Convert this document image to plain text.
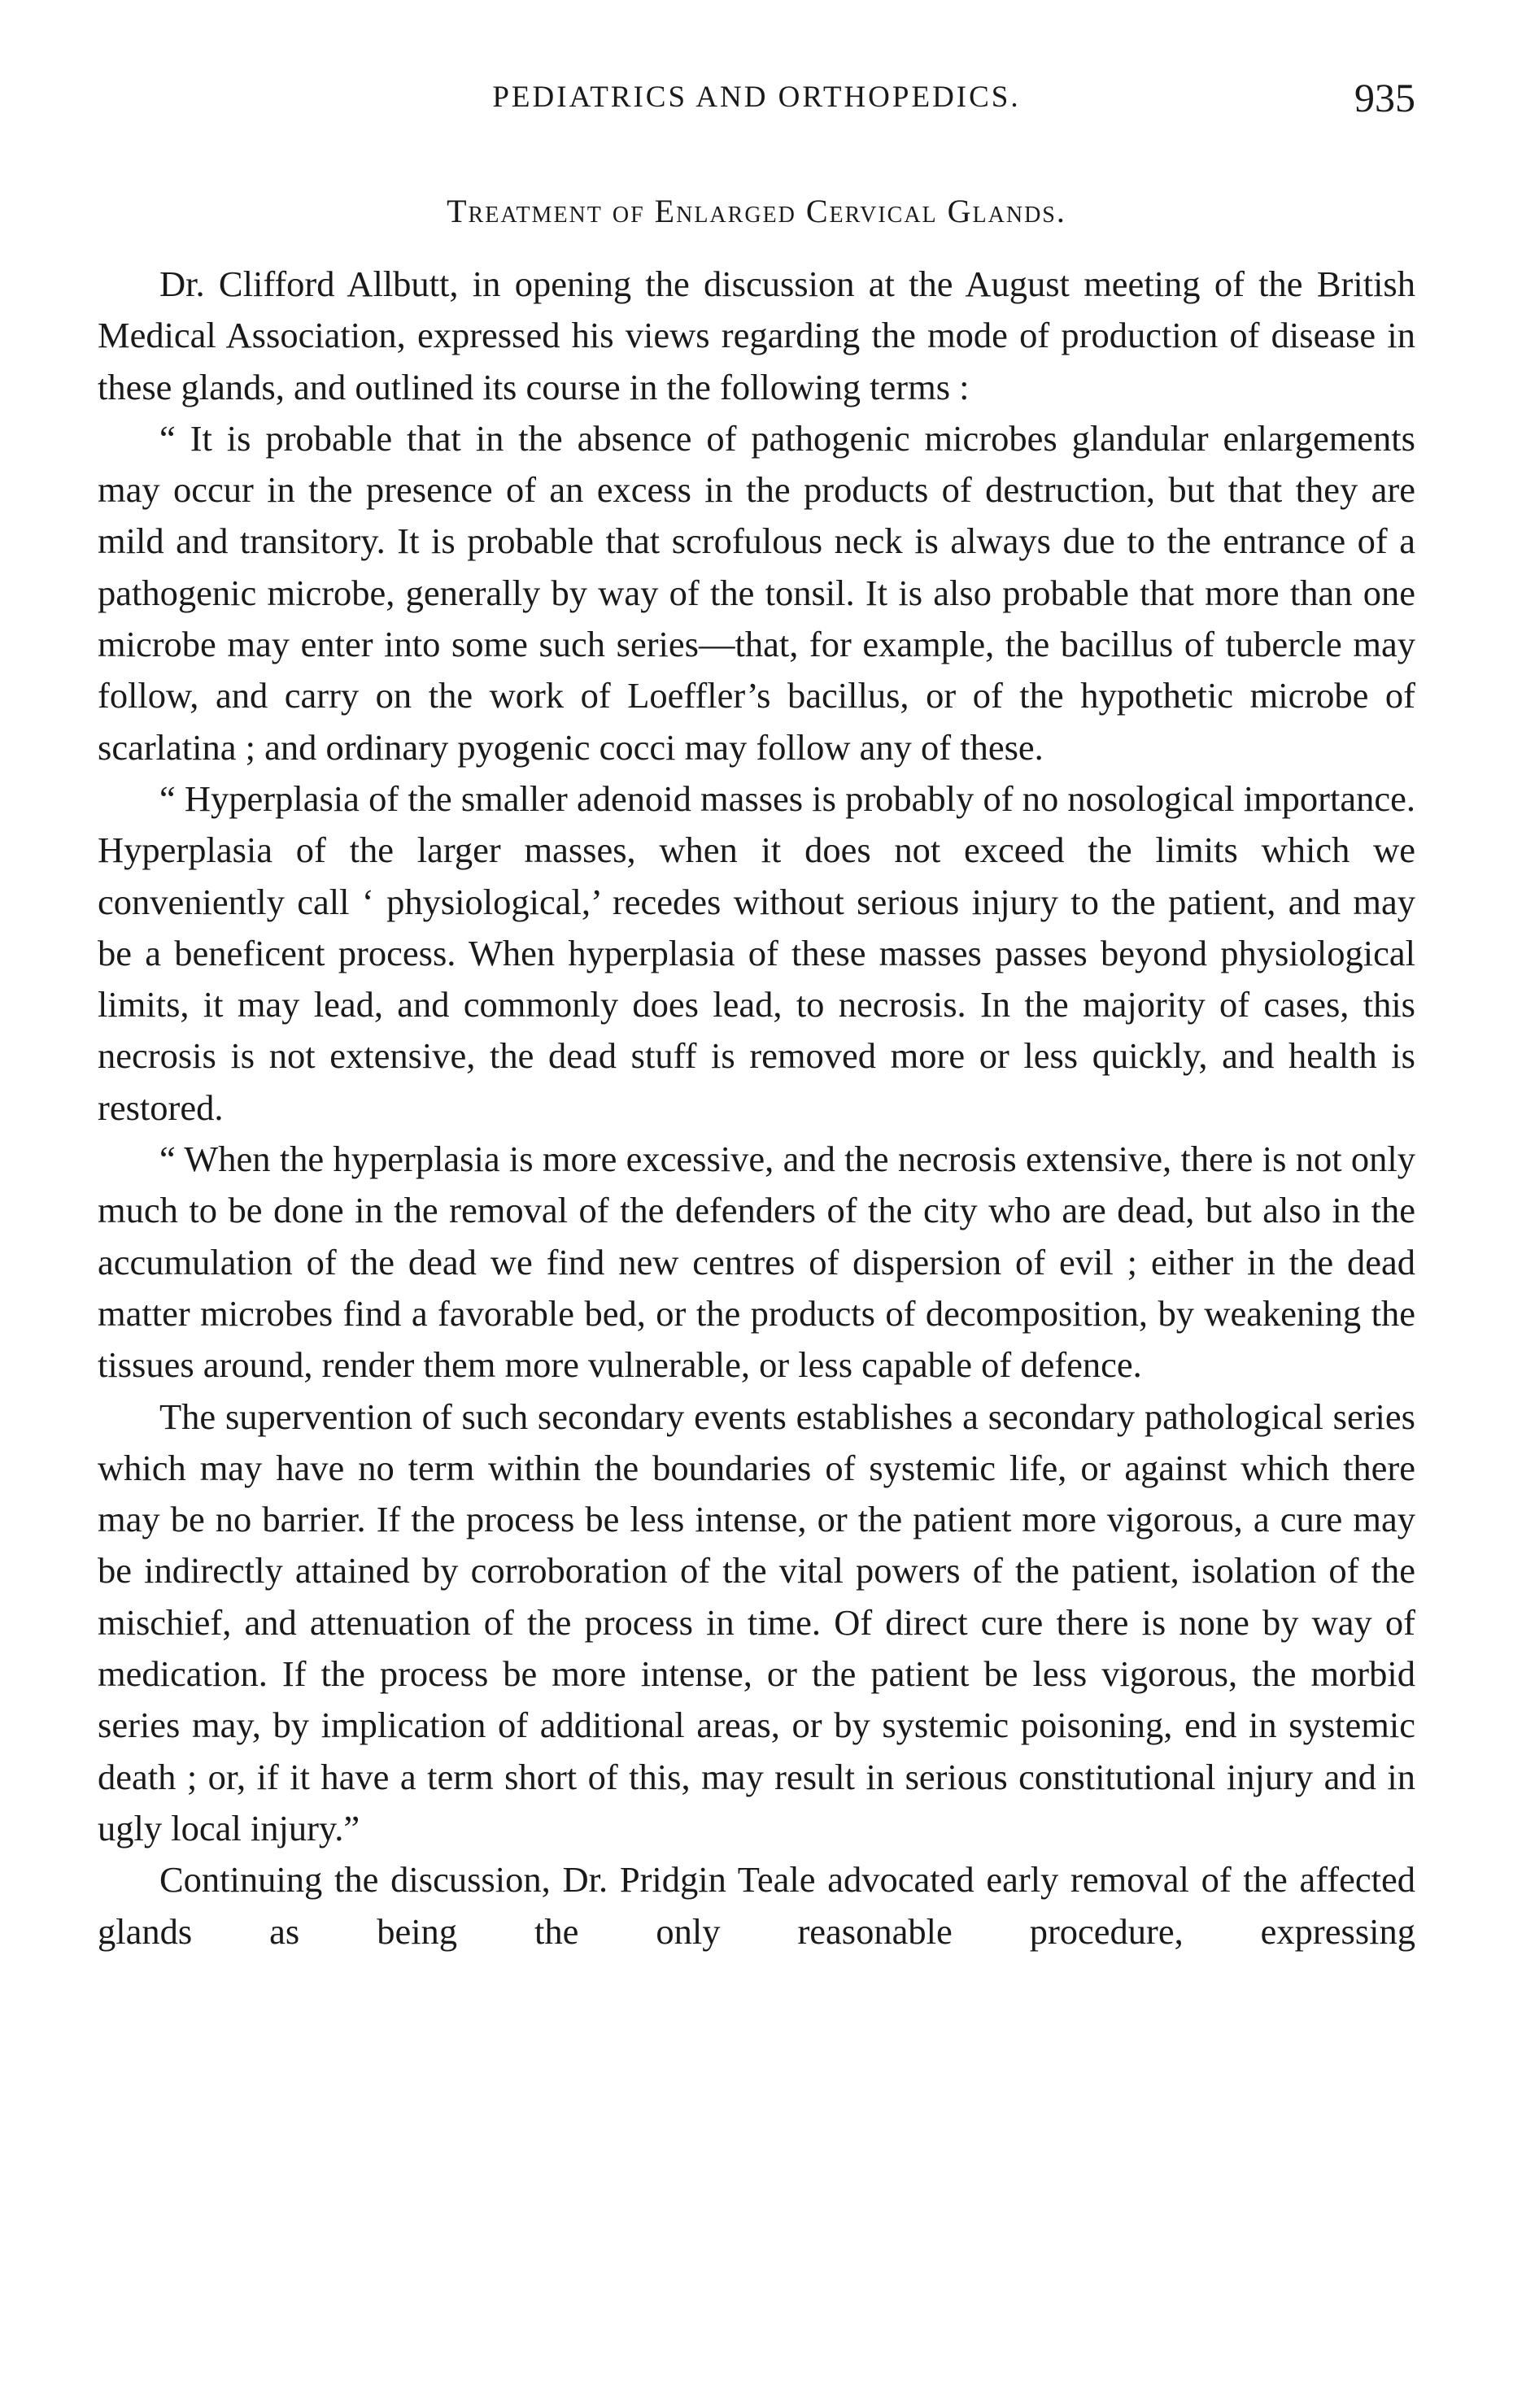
PEDIATRICS AND ORTHOPEDICS.	935
Treatment of Enlarged Cervical Glands.

Dr. Clifford Allbutt, in opening the discussion at the August meeting of the British Medical Association, expressed his views regarding the mode of production of disease in these glands, and outlined its course in the following terms :

“ It is probable that in the absence of pathogenic microbes glandular enlargements may occur in the presence of an excess in the products of destruction, but that they are mild and transitory. It is probable that scrofulous neck is always due to the entrance of a pathogenic microbe, generally by way of the tonsil. It is also probable that more than one microbe may enter into some such series—that, for example, the bacillus of tubercle may follow, and carry on the work of Loeffler’s bacillus, or of the hypothetic microbe of scarlatina ; and ordinary pyogenic cocci may follow any of these.

“ Hyperplasia of the smaller adenoid masses is probably of no nosological importance. Hyperplasia of the larger masses, when it does not exceed the limits which we conveniently call ‘ physiological,’ recedes without serious injury to the patient, and may be a beneficent process. When hyperplasia of these masses passes beyond physiological limits, it may lead, and commonly does lead, to necrosis. In the majority of cases, this necrosis is not extensive, the dead stuff is removed more or less quickly, and health is restored.

“ When the hyperplasia is more excessive, and the necrosis extensive, there is not only much to be done in the removal of the defenders of the city who are dead, but also in the accumulation of the dead we find new centres of dispersion of evil ; either in the dead matter microbes find a favorable bed, or the products of decomposition, by weakening the tissues around, render them more vulnerable, or less capable of defence.

The supervention of such secondary events establishes a secondary pathological series which may have no term within the boundaries of systemic life, or against which there may be no barrier. If the process be less intense, or the patient more vigorous, a cure may be indirectly attained by corroboration of the vital powers of the patient, isolation of the mischief, and attenuation of the process in time. Of direct cure there is none by way of medication. If the process be more intense, or the patient be less vigorous, the morbid series may, by implication of additional areas, or by systemic poisoning, end in systemic death ; or, if it have a term short of this, may result in serious constitutional injury and in ugly local injury.”

Continuing the discussion, Dr. Pridgin Teale advocated early removal of the affected glands as being the only reasonable procedure, expressing
